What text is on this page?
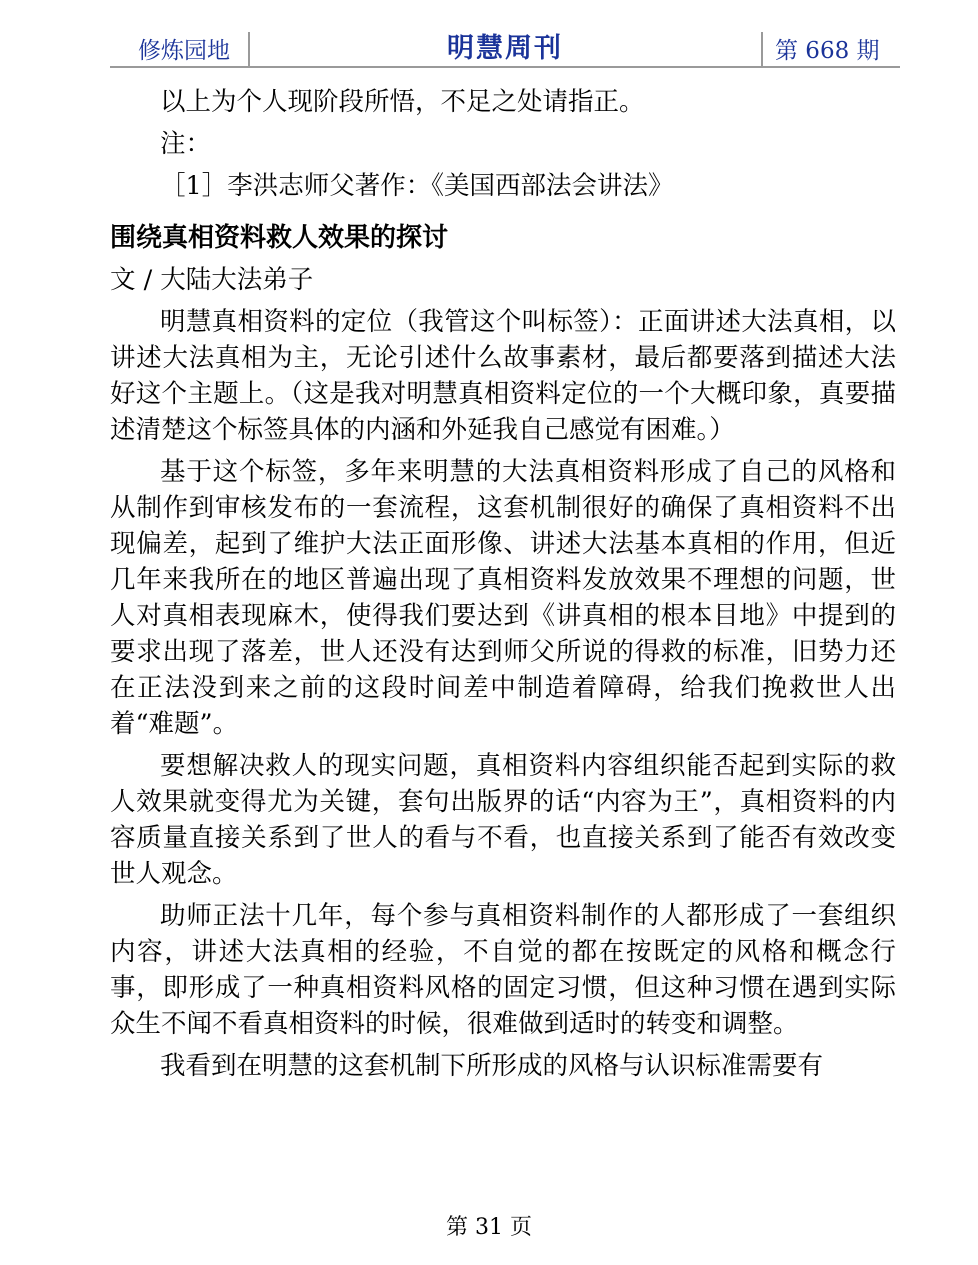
修炼园地	明慧周刊	第 668 期

以上为个人现阶段所悟，不足之处请指正。

注：

［1］李洪志师父著作：《美国西部法会讲法》

围绕真相资料救人效果的探讨

文 / 大陆大法弟子

明慧真相资料的定位（我管这个叫标签）：正面讲述大法真相，以讲述大法真相为主，无论引述什么故事素材，最后都要落到描述大法好这个主题上。（这是我对明慧真相资料定位的一个大概印象，真要描述清楚这个标签具体的内涵和外延我自己感觉有困难。）

基于这个标签，多年来明慧的大法真相资料形成了自己的风格和从制作到审核发布的一套流程，这套机制很好的确保了真相资料不出现偏差，起到了维护大法正面形像、讲述大法基本真相的作用，但近几年来我所在的地区普遍出现了真相资料发放效果不理想的问题，世人对真相表现麻木，使得我们要达到《讲真相的根本目地》中提到的要求出现了落差，世人还没有达到师父所说的得救的标准，旧势力还在正法没到来之前的这段时间差中制造着障碍，给我们挽救世人出着“难题”。

要想解决救人的现实问题，真相资料内容组织能否起到实际的救人效果就变得尤为关键，套句出版界的话“内容为王”，真相资料的内容质量直接关系到了世人的看与不看，也直接关系到了能否有效改变世人观念。

助师正法十几年，每个参与真相资料制作的人都形成了一套组织内容，讲述大法真相的经验，不自觉的都在按既定的风格和概念行事，即形成了一种真相资料风格的固定习惯，但这种习惯在遇到实际众生不闻不看真相资料的时候，很难做到适时的转变和调整。

我看到在明慧的这套机制下所形成的风格与认识标准需要有

第 31 页
